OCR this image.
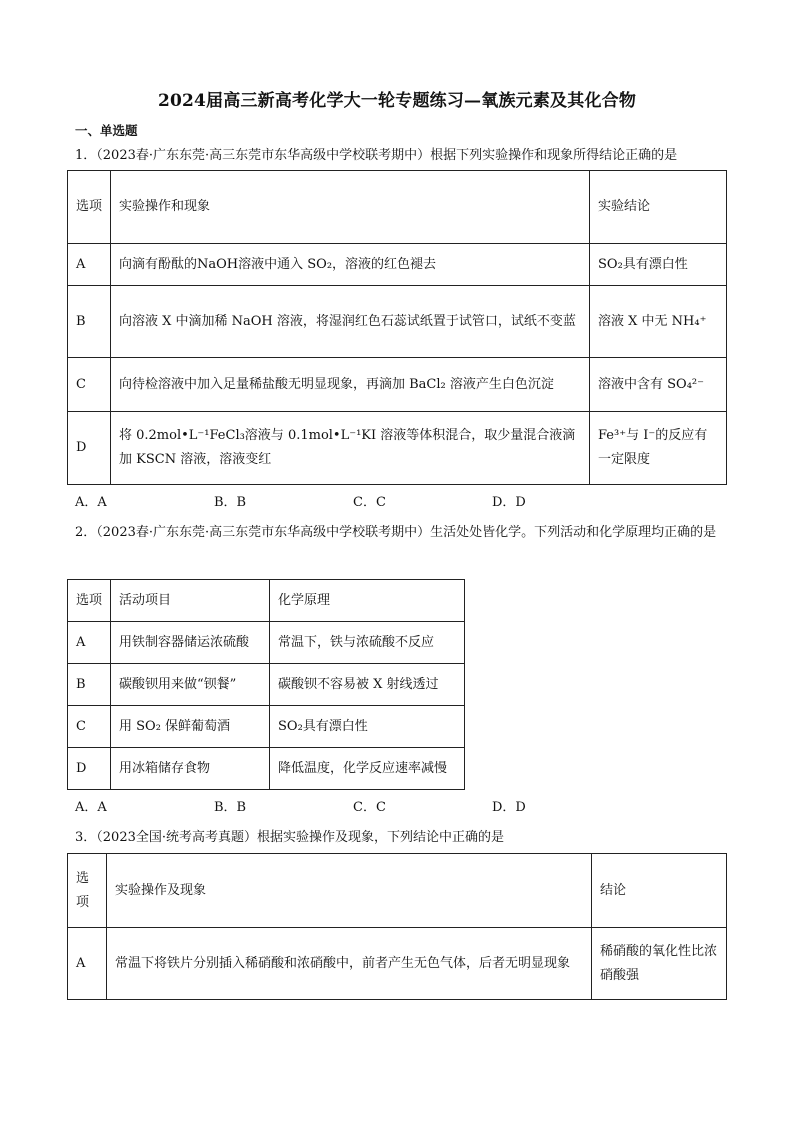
2024届高三新高考化学大一轮专题练习—氧族元素及其化合物
一、单选题
1．（2023春·广东东莞·高三东莞市东华高级中学校联考期中）根据下列实验操作和现象所得结论正确的是
选项	实验操作和现象	实验结论
A	向滴有酚酞的NaOH溶液中通入 SO₂，溶液的红色褪去	SO₂具有漂白性
B	向溶液 X 中滴加稀 NaOH 溶液，将湿润红色石蕊试纸置于试管口，试纸不变蓝	溶液 X 中无 NH₄⁺
C	向待检溶液中加入足量稀盐酸无明显现象，再滴加 BaCl₂ 溶液产生白色沉淀	溶液中含有 SO₄²⁻
D	将 0.2mol•L⁻¹FeCl₃溶液与 0.1mol•L⁻¹KI 溶液等体积混合，取少量混合液滴加 KSCN 溶液，溶液变红	Fe³⁺与 I⁻的反应有一定限度
A．A	B．B	C．C	D．D
2．（2023春·广东东莞·高三东莞市东华高级中学校联考期中）生活处处皆化学。下列活动和化学原理均正确的是
选项	活动项目	化学原理
A	用铁制容器储运浓硫酸	常温下，铁与浓硫酸不反应
B	碳酸钡用来做“钡餐”	碳酸钡不容易被 X 射线透过
C	用 SO₂ 保鲜葡萄酒	SO₂具有漂白性
D	用冰箱储存食物	降低温度，化学反应速率减慢
A．A	B．B	C．C	D．D
3．（2023全国·统考高考真题）根据实验操作及现象，下列结论中正确的是
选项	实验操作及现象	结论
A	常温下将铁片分别插入稀硝酸和浓硝酸中，前者产生无色气体，后者无明显现象	稀硝酸的氧化性比浓硝酸强
